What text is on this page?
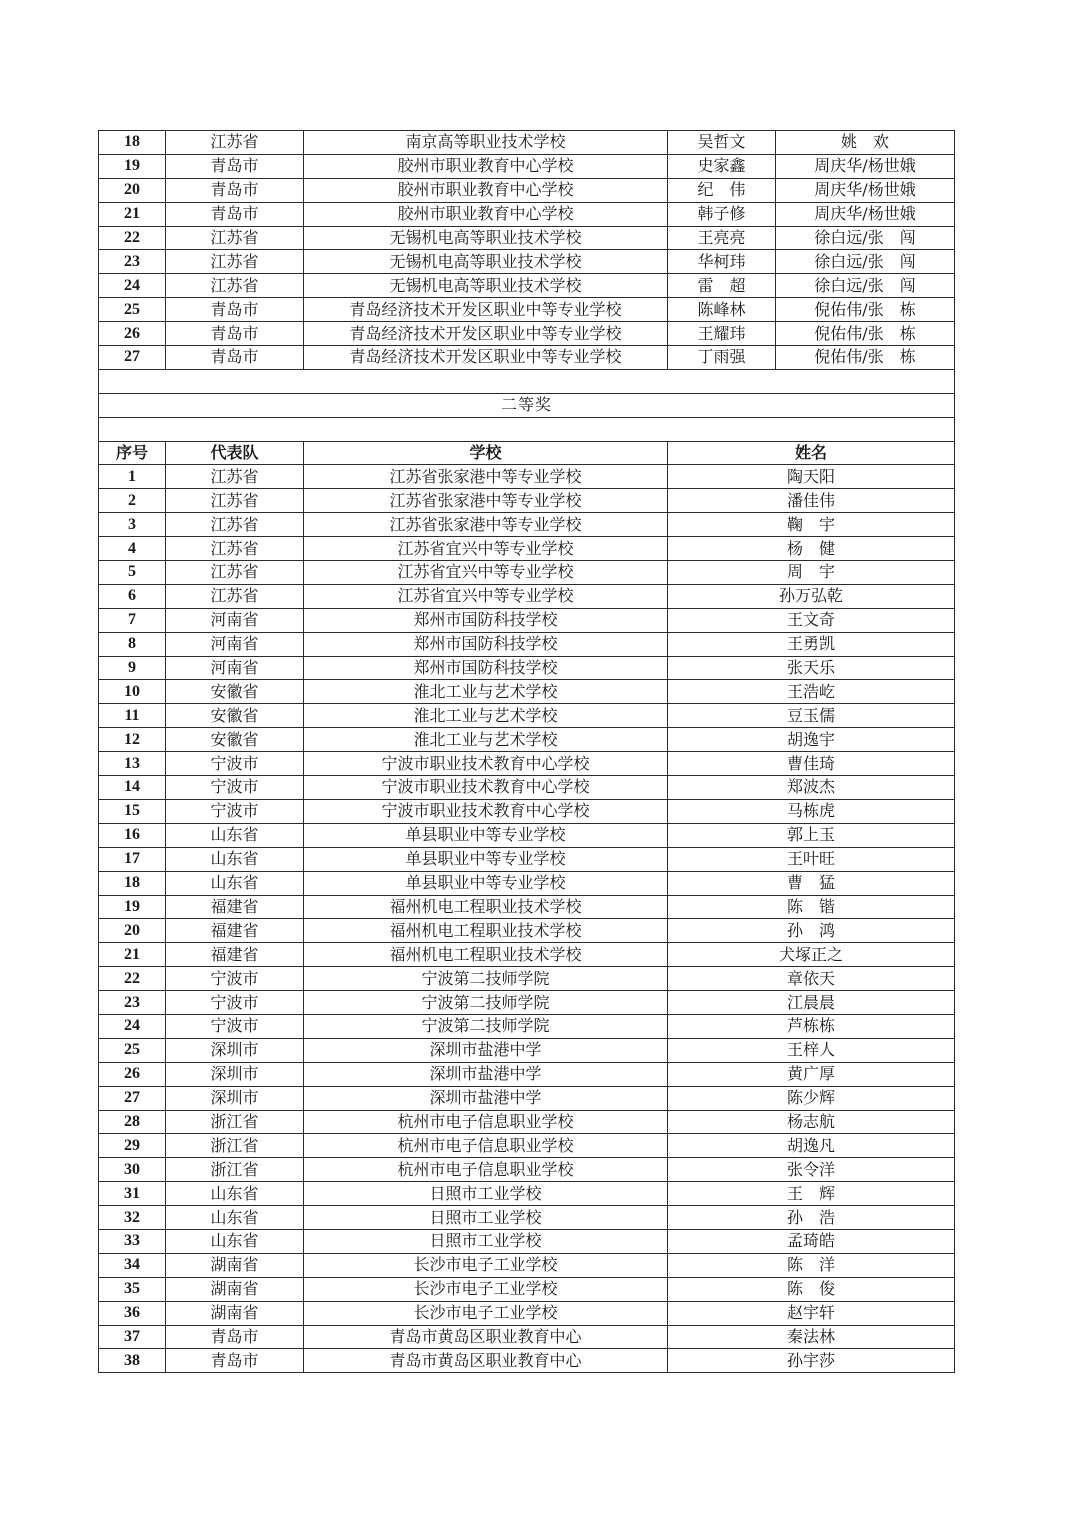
18	江苏省	南京高等职业技术学校	吴哲文	姚　欢
19	青岛市	胶州市职业教育中心学校	史家鑫	周庆华/杨世娥
20	青岛市	胶州市职业教育中心学校	纪　伟	周庆华/杨世娥
21	青岛市	胶州市职业教育中心学校	韩子修	周庆华/杨世娥
22	江苏省	无锡机电高等职业技术学校	王亮亮	徐白远/张　闯
23	江苏省	无锡机电高等职业技术学校	华柯玮	徐白远/张　闯
24	江苏省	无锡机电高等职业技术学校	雷　超	徐白远/张　闯
25	青岛市	青岛经济技术开发区职业中等专业学校	陈峰林	倪佑伟/张　栋
26	青岛市	青岛经济技术开发区职业中等专业学校	王耀玮	倪佑伟/张　栋
27	青岛市	青岛经济技术开发区职业中等专业学校	丁雨强	倪佑伟/张　栋

二等奖				

序号	代表队	学校	姓名	
1	江苏省	江苏省张家港中等专业学校	陶天阳	
2	江苏省	江苏省张家港中等专业学校	潘佳伟	
3	江苏省	江苏省张家港中等专业学校	鞠　宇	
4	江苏省	江苏省宜兴中等专业学校	杨　健	
5	江苏省	江苏省宜兴中等专业学校	周　宇	
6	江苏省	江苏省宜兴中等专业学校	孙万弘乾	
7	河南省	郑州市国防科技学校	王文奇	
8	河南省	郑州市国防科技学校	王勇凯	
9	河南省	郑州市国防科技学校	张天乐	
10	安徽省	淮北工业与艺术学校	王浩屹	
11	安徽省	淮北工业与艺术学校	豆玉儒	
12	安徽省	淮北工业与艺术学校	胡逸宇	
13	宁波市	宁波市职业技术教育中心学校	曹佳琦	
14	宁波市	宁波市职业技术教育中心学校	郑波杰	
15	宁波市	宁波市职业技术教育中心学校	马栋虎	
16	山东省	单县职业中等专业学校	郭上玉	
17	山东省	单县职业中等专业学校	王叶旺	
18	山东省	单县职业中等专业学校	曹　猛	
19	福建省	福州机电工程职业技术学校	陈　锴	
20	福建省	福州机电工程职业技术学校	孙　鸿	
21	福建省	福州机电工程职业技术学校	犬塚正之	
22	宁波市	宁波第二技师学院	章依天	
23	宁波市	宁波第二技师学院	江晨晨	
24	宁波市	宁波第二技师学院	芦栋栋	
25	深圳市	深圳市盐港中学	王梓人	
26	深圳市	深圳市盐港中学	黄广厚	
27	深圳市	深圳市盐港中学	陈少辉	
28	浙江省	杭州市电子信息职业学校	杨志航	
29	浙江省	杭州市电子信息职业学校	胡逸凡	
30	浙江省	杭州市电子信息职业学校	张令洋	
31	山东省	日照市工业学校	王　辉	
32	山东省	日照市工业学校	孙　浩	
33	山东省	日照市工业学校	孟琦皓	
34	湖南省	长沙市电子工业学校	陈　洋	
35	湖南省	长沙市电子工业学校	陈　俊	
36	湖南省	长沙市电子工业学校	赵宇轩	
37	青岛市	青岛市黄岛区职业教育中心	秦法林	
38	青岛市	青岛市黄岛区职业教育中心	孙宇莎	
